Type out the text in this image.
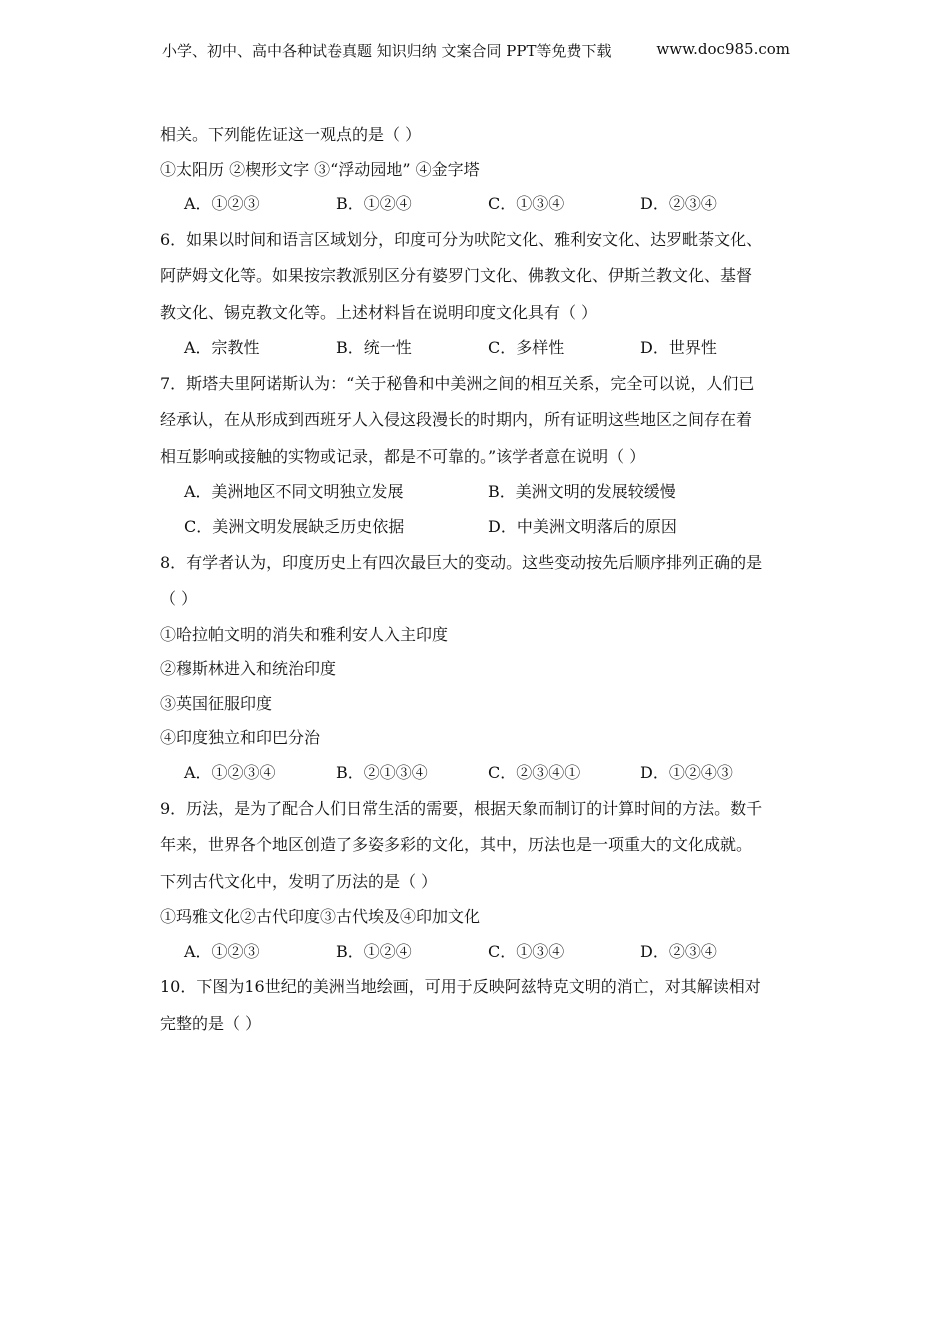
小学、初中、高中各种试卷真题 知识归纳 文案合同 PPT等免费下载	www.doc985.com
相关。下列能佐证这一观点的是（ ）
①太阳历 ②楔形文字 ③“浮动园地” ④金字塔
A．①②③	B．①②④	C．①③④	D．②③④
6．如果以时间和语言区域划分，印度可分为吠陀文化、雅利安文化、达罗毗荼文化、
阿萨姆文化等。如果按宗教派别区分有婆罗门文化、佛教文化、伊斯兰教文化、基督
教文化、锡克教文化等。上述材料旨在说明印度文化具有（ ）
A．宗教性	B．统一性	C．多样性	D．世界性
7．斯塔夫里阿诺斯认为：“关于秘鲁和中美洲之间的相互关系，完全可以说，人们已
经承认，在从形成到西班牙人入侵这段漫长的时期内，所有证明这些地区之间存在着
相互影响或接触的实物或记录，都是不可靠的。”该学者意在说明（ ）
A．美洲地区不同文明独立发展	B．美洲文明的发展较缓慢
C．美洲文明发展缺乏历史依据	D．中美洲文明落后的原因
8．有学者认为，印度历史上有四次最巨大的变动。这些变动按先后顺序排列正确的是
（ ）
①哈拉帕文明的消失和雅利安人入主印度
②穆斯林进入和统治印度
③英国征服印度
④印度独立和印巴分治
A．①②③④	B．②①③④	C．②③④①	D．①②④③
9．历法，是为了配合人们日常生活的需要，根据天象而制订的计算时间的方法。数千
年来，世界各个地区创造了多姿多彩的文化，其中，历法也是一项重大的文化成就。
下列古代文化中，发明了历法的是（ ）
①玛雅文化②古代印度③古代埃及④印加文化
A．①②③	B．①②④	C．①③④	D．②③④
10．下图为16世纪的美洲当地绘画，可用于反映阿兹特克文明的消亡，对其解读相对
完整的是（ ）
